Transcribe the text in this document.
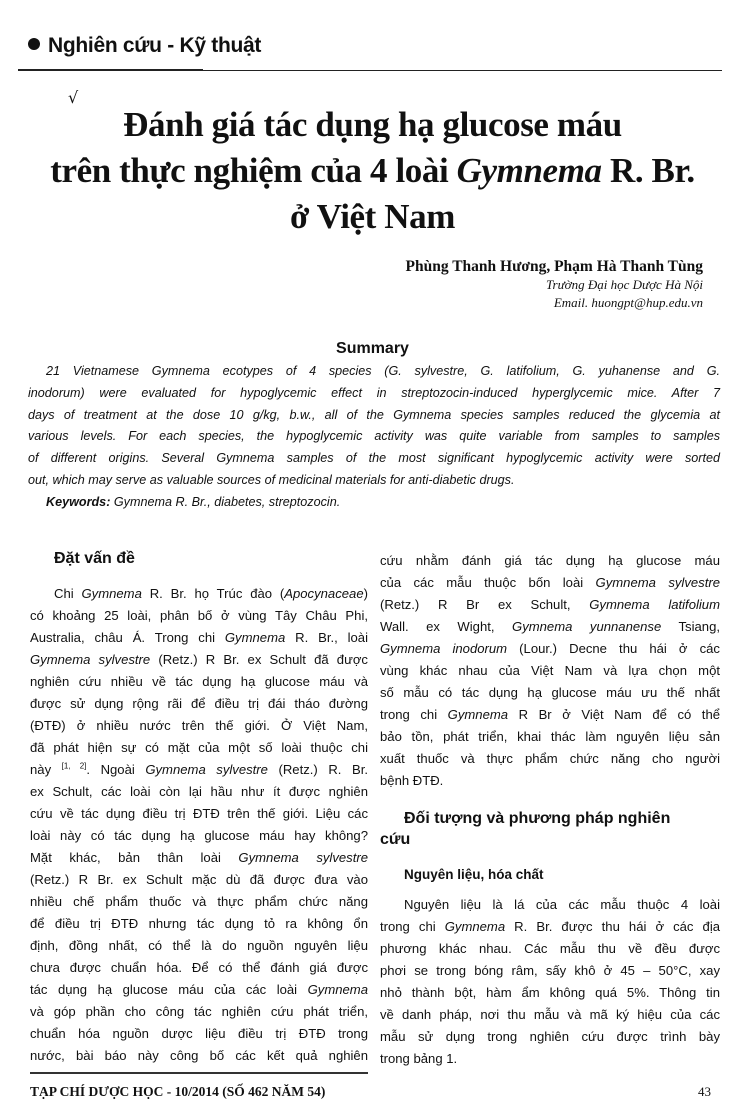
Nghiên cứu - Kỹ thuật
√
Đánh giá tác dụng hạ glucose máu
trên thực nghiệm của 4 loài Gymnema R. Br.
ở Việt Nam
Phùng Thanh Hương, Phạm Hà Thanh Tùng
Trường Đại học Dược Hà Nội
Email. huongpt@hup.edu.vn
Summary
21 Vietnamese Gymnema ecotypes of 4 species (G. sylvestre, G. latifolium, G. yuhanense and G.
inodorum) were evaluated for hypoglycemic effect in streptozocin-induced hyperglycemic mice. After 7
days of treatment at the dose 10 g/kg, b.w., all of the Gymnema species samples reduced the glycemia at
various levels. For each species, the hypoglycemic activity was quite variable from samples to samples
of different origins. Several Gymnema samples of the most significant hypoglycemic activity were sorted
out, which may serve as valuable sources of medicinal materials for anti-diabetic drugs.
Keywords: Gymnema R. Br., diabetes, streptozocin.
Đặt vấn đề
Chi Gymnema R. Br. họ Trúc đào (Apocynaceae)
có khoảng 25 loài, phân bố ở vùng Tây Châu Phi,
Australia, châu Á. Trong chi Gymnema R. Br., loài
Gymnema sylvestre (Retz.) R Br. ex Schult đã được
nghiên cứu nhiều về tác dụng hạ glucose máu và
được sử dụng rộng rãi để điều trị đái tháo đường
(ĐTĐ) ở nhiều nước trên thế giới. Ở Việt Nam,
đã phát hiện sự có mặt của một số loài thuộc chi
này [1, 2]. Ngoài Gymnema sylvestre (Retz.) R. Br.
ex Schult, các loài còn lại hầu như ít được nghiên
cứu về tác dụng điều trị ĐTĐ trên thế giới. Liệu các
loài này có tác dụng hạ glucose máu hay không?
Mặt khác, bản thân loài Gymnema sylvestre
(Retz.) R Br. ex Schult mặc dù đã được đưa vào
nhiều chế phẩm thuốc và thực phẩm chức năng
để điều trị ĐTĐ nhưng tác dụng tỏ ra không ổn
định, đồng nhất, có thể là do nguồn nguyên liệu
chưa được chuẩn hóa. Để có thể đánh giá được
tác dụng hạ glucose máu của các loài Gymnema
và góp phần cho công tác nghiên cứu phát triển,
chuẩn hóa nguồn dược liệu điều trị ĐTĐ trong
nước, bài báo này công bố các kết quả nghiên
cứu nhằm đánh giá tác dụng hạ glucose máu
của các mẫu thuộc bốn loài Gymnema sylvestre
(Retz.) R Br ex Schult, Gymnema latifolium
Wall. ex Wight, Gymnema yunnanense Tsiang,
Gymnema inodorum (Lour.) Decne thu hái ở các
vùng khác nhau của Việt Nam và lựa chọn một
số mẫu có tác dụng hạ glucose máu ưu thế nhất
trong chi Gymnema R Br ở Việt Nam để có thể
bảo tồn, phát triển, khai thác làm nguyên liệu sản
xuất thuốc và thực phẩm chức năng cho người
bệnh ĐTĐ.
Đối tượng và phương pháp nghiên
cứu
Nguyên liệu, hóa chất
Nguyên liệu là lá của các mẫu thuộc 4 loài
trong chi Gymnema R. Br. được thu hái ở các địa
phương khác nhau. Các mẫu thu về đều được
phơi se trong bóng râm, sấy khô ở 45 – 50°C, xay
nhỏ thành bột, hàm ẩm không quá 5%. Thông tin
về danh pháp, nơi thu mẫu và mã ký hiệu của các
mẫu sử dụng trong nghiên cứu được trình bày
trong bảng 1.
TẠP CHÍ DƯỢC HỌC - 10/2014 (SỐ 462 NĂM 54)	43
